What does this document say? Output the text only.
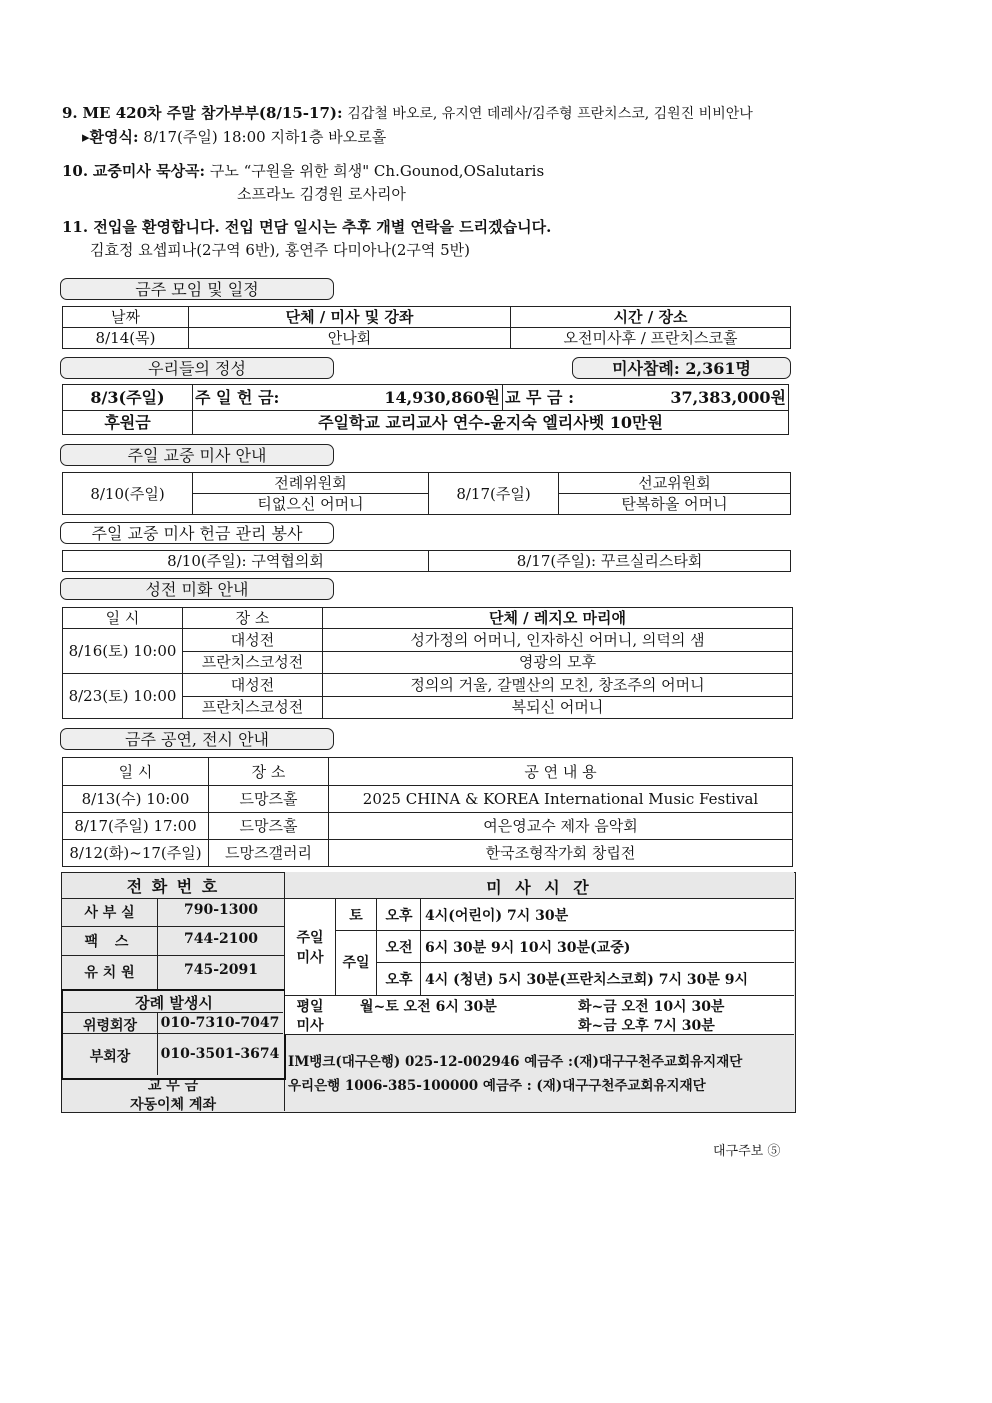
9. ME 420차 주말 참가부부(8/15-17): 김갑철 바오로, 유지연 데레사/김주형 프란치스코, 김원진 비비안나
▸환영식: 8/17(주일) 18:00 지하1층 바오로홀
10. 교중미사 묵상곡: 구노 “구원을 위한 희생" Ch.Gounod,OSalutaris
소프라노 김경원 로사리아
11. 전입을 환영합니다. 전입 면담 일시는 추후 개별 연락을 드리겠습니다.
김효정 요셉피나(2구역 6반), 홍연주 다미아나(2구역 5반)
금주 모임 및 일정
날짜	단체 / 미사 및 강좌	시간 / 장소
8/14(목)	안나회	오전미사후 / 프란치스코홀
우리들의 정성	미사참례: 2,361명
8/3(주일)	주 일 헌 금: 14,930,860원	교 무 금 : 37,383,000원

후원금	주일학교 교리교사 연수-윤지숙 엘리사벳 10만원	
주일 교중 미사 안내
8/10(주일)	전례위원회	8/17(주일)	선교위원회
	티없으신 어머니		탄복하올 어머니
주일 교중 미사 헌금 관리 봉사
8/10(주일): 구역협의회	8/17(주일): 꾸르실리스타회
성전 미화 안내
일 시	장 소	단체 / 레지오 마리애
8/16(토) 10:00	대성전	성가정의 어머니, 인자하신 어머니, 의덕의 샘
	프란치스코성전	영광의 모후
8/23(토) 10:00	대성전	정의의 거울, 갈멜산의 모친, 창조주의 어머니
	프란치스코성전	복되신 어머니
금주 공연, 전시 안내
일 시	장 소	공 연 내 용
8/13(수) 10:00	드망즈홀	2025 CHINA & KOREA International Music Festival
8/17(주일) 17:00	드망즈홀	여은영교수 제자 음악회
8/12(화)~17(주일)	드망즈갤러리	한국조형작가회 창립전
전 화 번 호
사 부 실	790-1300
팩 스	744-2100
유 치 원	745-2091
장례 발생시
위령회장	010-7310-7047
부회장	010-3501-3674
교 무 금
자동이체 계좌
미 사 시 간
주일
미사
토	오후 4시(어린이) 7시 30분
주일
오전 6시 30분 9시 10시 30분(교중)
오후 4시 (청년) 5시 30분(프란치스코회) 7시 30분 9시
평일
미사
월~토 오전 6시 30분	화~금 오전 10시 30분
화~금 오후 7시 30분
IM뱅크(대구은행) 025-12-002946 예금주 :(재)대구구천주교회유지재단
우리은행 1006-385-100000 예금주 : (재)대구구천주교회유지재단
대구주보 ⑤
